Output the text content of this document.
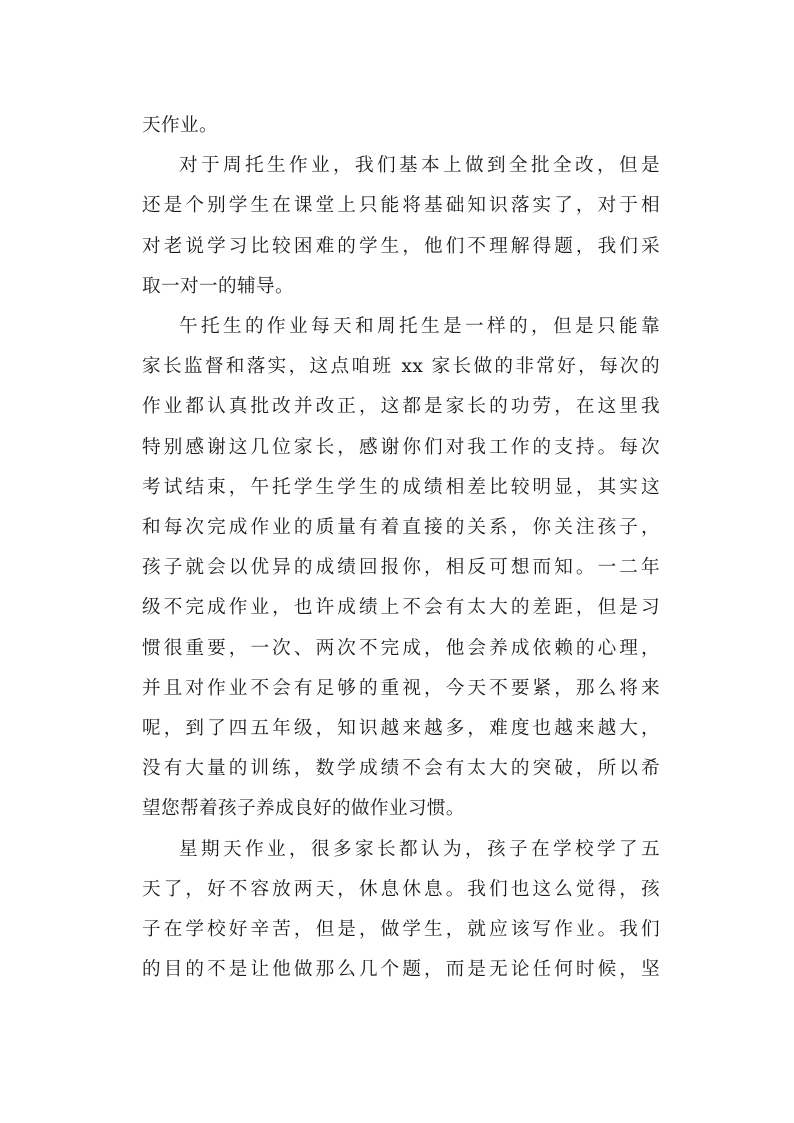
天作业。
对于周托生作业，我们基本上做到全批全改，但是
还是个别学生在课堂上只能将基础知识落实了，对于相
对老说学习比较困难的学生，他们不理解得题，我们采
取一对一的辅导。
午托生的作业每天和周托生是一样的，但是只能靠
家长监督和落实，这点咱班 xx 家长做的非常好，每次的
作业都认真批改并改正，这都是家长的功劳，在这里我
特别感谢这几位家长，感谢你们对我工作的支持。每次
考试结束，午托学生学生的成绩相差比较明显，其实这
和每次完成作业的质量有着直接的关系，你关注孩子，
孩子就会以优异的成绩回报你，相反可想而知。一二年
级不完成作业，也许成绩上不会有太大的差距，但是习
惯很重要，一次、两次不完成，他会养成依赖的心理，
并且对作业不会有足够的重视，今天不要紧，那么将来
呢，到了四五年级，知识越来越多，难度也越来越大，
没有大量的训练，数学成绩不会有太大的突破，所以希
望您帮着孩子养成良好的做作业习惯。
星期天作业，很多家长都认为，孩子在学校学了五
天了，好不容放两天，休息休息。我们也这么觉得，孩
子在学校好辛苦，但是，做学生，就应该写作业。我们
的目的不是让他做那么几个题，而是无论任何时候，坚
